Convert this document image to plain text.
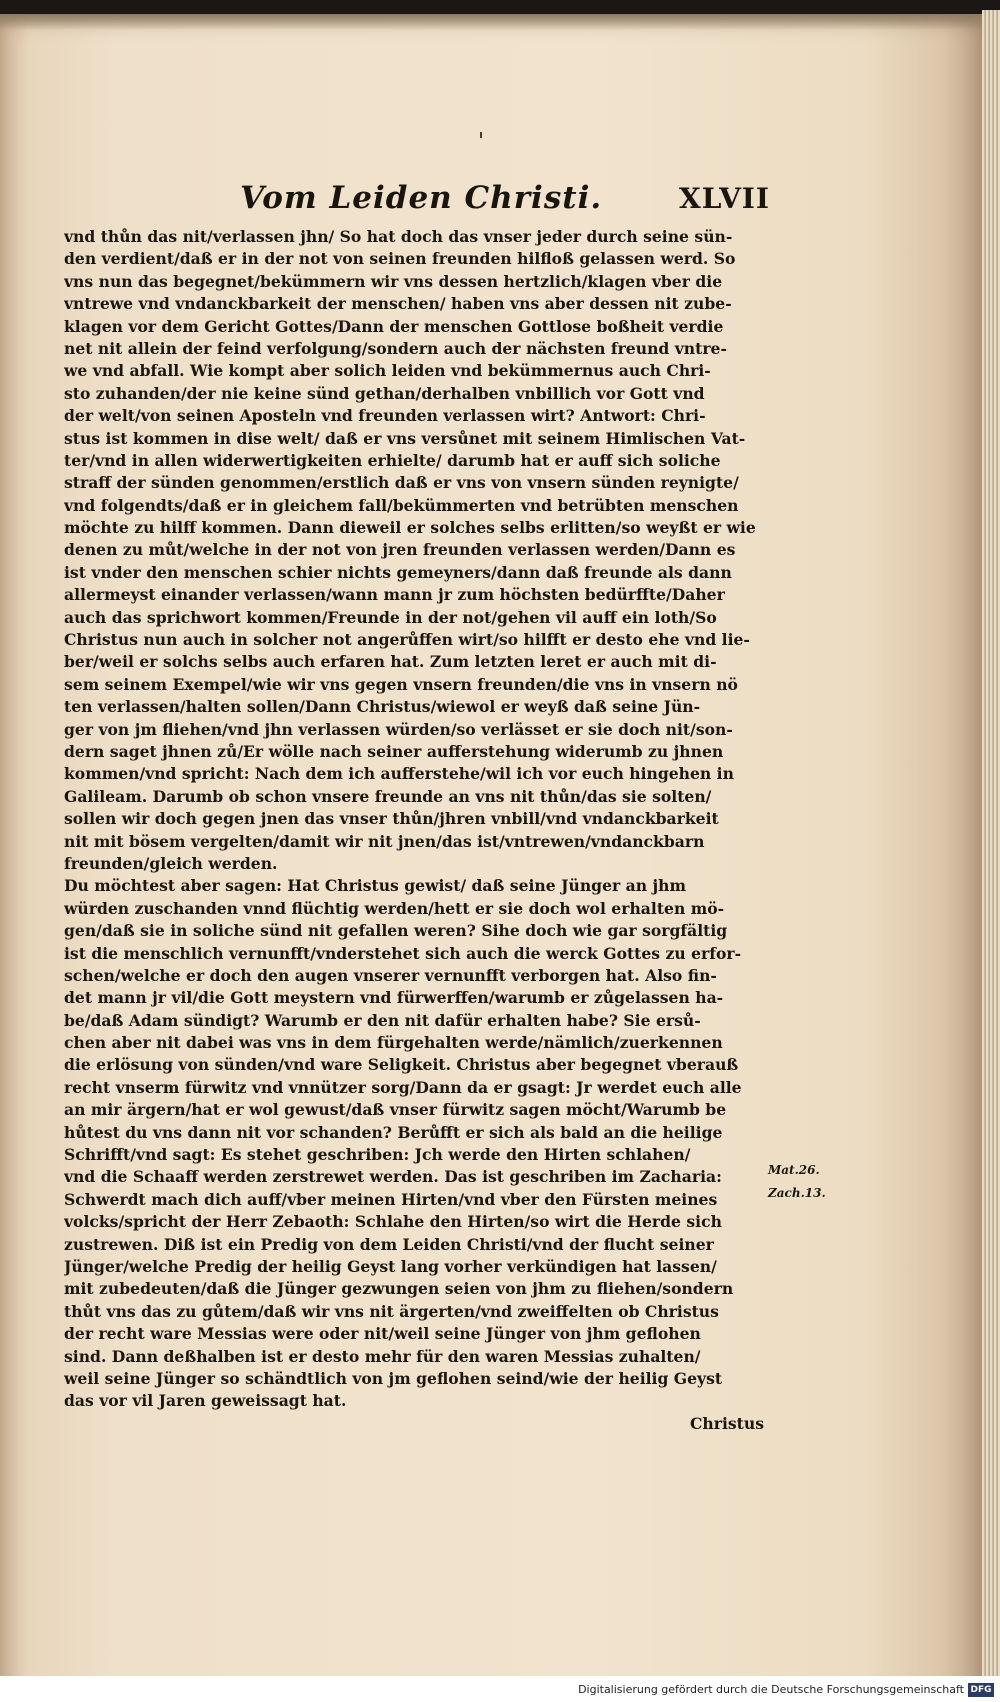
Vom Leiden Christi.	XLVII
vnd thůn das nit/verlassen jhn/ So hat doch das vnser jeder durch seine sün-
den verdient/daß er in der not von seinen freunden hilfloß gelassen werd. So
vns nun das begegnet/bekümmern wir vns dessen hertzlich/klagen vber die
vntrewe vnd vndanckbarkeit der menschen/ haben vns aber dessen nit zube-
klagen vor dem Gericht Gottes/Dann der menschen Gottlose boßheit verdie
net nit allein der feind verfolgung/sondern auch der nächsten freund vntre-
we vnd abfall. Wie kompt aber solich leiden vnd bekümmernus auch Chri-
sto zuhanden/der nie keine sünd gethan/derhalben vnbillich vor Gott vnd
der welt/von seinen Aposteln vnd freunden verlassen wirt? Antwort: Chri-
stus ist kommen in dise welt/ daß er vns versůnet mit seinem Himlischen Vat-
ter/vnd in allen widerwertigkeiten erhielte/ darumb hat er auff sich soliche
straff der sünden genommen/erstlich daß er vns von vnsern sünden reynigte/
vnd folgendts/daß er in gleichem fall/bekümmerten vnd betrübten menschen
möchte zu hilff kommen. Dann dieweil er solches selbs erlitten/so weyßt er wie
denen zu můt/welche in der not von jren freunden verlassen werden/Dann es
ist vnder den menschen schier nichts gemeyners/dann daß freunde als dann
allermeyst einander verlassen/wann mann jr zum höchsten bedürffte/Daher
auch das sprichwort kommen/Freunde in der not/gehen vil auff ein loth/So
Christus nun auch in solcher not angerůffen wirt/so hilfft er desto ehe vnd lie-
ber/weil er solchs selbs auch erfaren hat. Zum letzten leret er auch mit di-
sem seinem Exempel/wie wir vns gegen vnsern freunden/die vns in vnsern nö
ten verlassen/halten sollen/Dann Christus/wiewol er weyß daß seine Jün-
ger von jm fliehen/vnd jhn verlassen würden/so verlässet er sie doch nit/son-
dern saget jhnen zů/Er wölle nach seiner aufferstehung widerumb zu jhnen
kommen/vnd spricht: Nach dem ich aufferstehe/wil ich vor euch hingehen in
Galileam. Darumb ob schon vnsere freunde an vns nit thůn/das sie solten/
sollen wir doch gegen jnen das vnser thůn/jhren vnbill/vnd vndanckbarkeit
nit mit bösem vergelten/damit wir nit jnen/das ist/vntrewen/vndanckbarn
freunden/gleich werden.
Du möchtest aber sagen: Hat Christus gewist/ daß seine Jünger an jhm
würden zuschanden vnnd flüchtig werden/hett er sie doch wol erhalten mö-
gen/daß sie in soliche sünd nit gefallen weren? Sihe doch wie gar sorgfältig
ist die menschlich vernunfft/vnderstehet sich auch die werck Gottes zu erfor-
schen/welche er doch den augen vnserer vernunfft verborgen hat. Also fin-
det mann jr vil/die Gott meystern vnd fürwerffen/warumb er zůgelassen ha-
be/daß Adam sündigt? Warumb er den nit dafür erhalten habe? Sie ersů-
chen aber nit dabei was vns in dem fürgehalten werde/nämlich/zuerkennen
die erlösung von sünden/vnd ware Seligkeit. Christus aber begegnet vberauß
recht vnserm fürwitz vnd vnnützer sorg/Dann da er gsagt: Jr werdet euch alle
an mir ärgern/hat er wol gewust/daß vnser fürwitz sagen möcht/Warumb be
hůtest du vns dann nit vor schanden? Berůfft er sich als bald an die heilige
Schrifft/vnd sagt: Es stehet geschriben: Jch werde den Hirten schlahen/
vnd die Schaaff werden zerstrewet werden. Das ist geschriben im Zacharia:
Schwerdt mach dich auff/vber meinen Hirten/vnd vber den Fürsten meines
volcks/spricht der Herr Zebaoth: Schlahe den Hirten/so wirt die Herde sich
zustrewen. Diß ist ein Predig von dem Leiden Christi/vnd der flucht seiner
Jünger/welche Predig der heilig Geyst lang vorher verkündigen hat lassen/
mit zubedeuten/daß die Jünger gezwungen seien von jhm zu fliehen/sondern
thůt vns das zu gůtem/daß wir vns nit ärgerten/vnd zweiffelten ob Christus
der recht ware Messias were oder nit/weil seine Jünger von jhm geflohen
sind. Dann deßhalben ist er desto mehr für den waren Messias zuhalten/
weil seine Jünger so schändtlich von jm geflohen seind/wie der heilig Geyst
das vor vil Jaren geweissagt hat.
Christus
Mat.26.
Zach.13.
Digitalisierung gefördert durch die Deutsche Forschungsgemeinschaft DFG
